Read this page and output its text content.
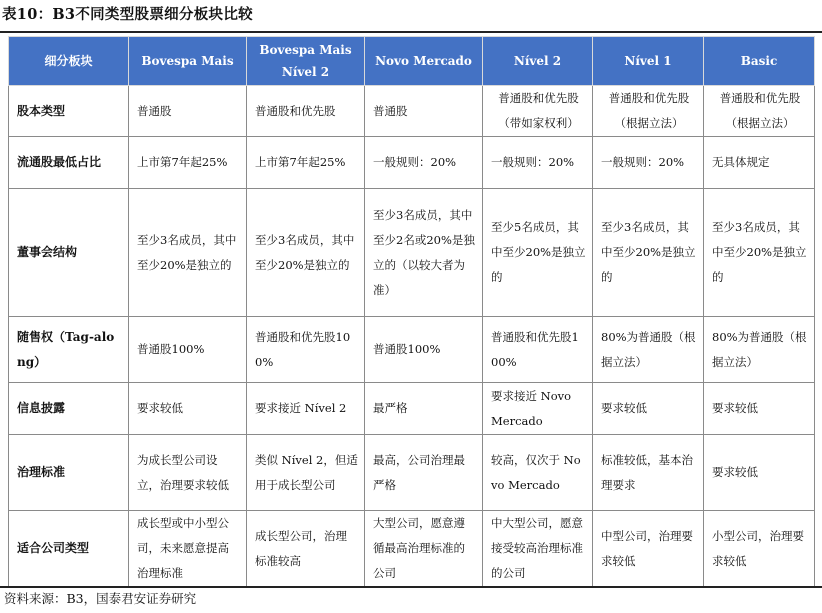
表10：B3不同类型股票细分板块比较
细分板块	Bovespa Mais	Bovespa Mais Nível 2	Novo Mercado	Nível 2	Nível 1	Basic
股本类型	普通股	普通股和优先股	普通股	普通股和优先股（带如家权利）	普通股和优先股（根据立法）	普通股和优先股（根据立法）
流通股最低占比	上市第7年起25%	上市第7年起25%	一般规则：20%	一般规则：20%	一般规则：20%	无具体规定
董事会结构	至少3名成员，其中至少20%是独立的	至少3名成员，其中至少20%是独立的	至少3名成员，其中至少2名或20%是独立的（以较大者为准）	至少5名成员，其中至少20%是独立的	至少3名成员，其中至少20%是独立的	至少3名成员，其中至少20%是独立的
随售权（Tag-along）	普通股100%	普通股和优先股100%	普通股100%	普通股和优先股100%	80%为普通股（根据立法）	80%为普通股（根据立法）
信息披露	要求较低	要求接近 Nível 2	最严格	要求接近 Novo Mercado	要求较低	要求较低
治理标准	为成长型公司设立，治理要求较低	类似 Nível 2，但适用于成长型公司	最高，公司治理最严格	较高，仅次于 Novo Mercado	标准较低，基本治理要求	要求较低
适合公司类型	成长型或中小型公司，未来愿意提高治理标准	成长型公司，治理标准较高	大型公司，愿意遵循最高治理标准的公司	中大型公司，愿意接受较高治理标准的公司	中型公司，治理要求较低	小型公司，治理要求较低
资料来源：B3，国泰君安证券研究
